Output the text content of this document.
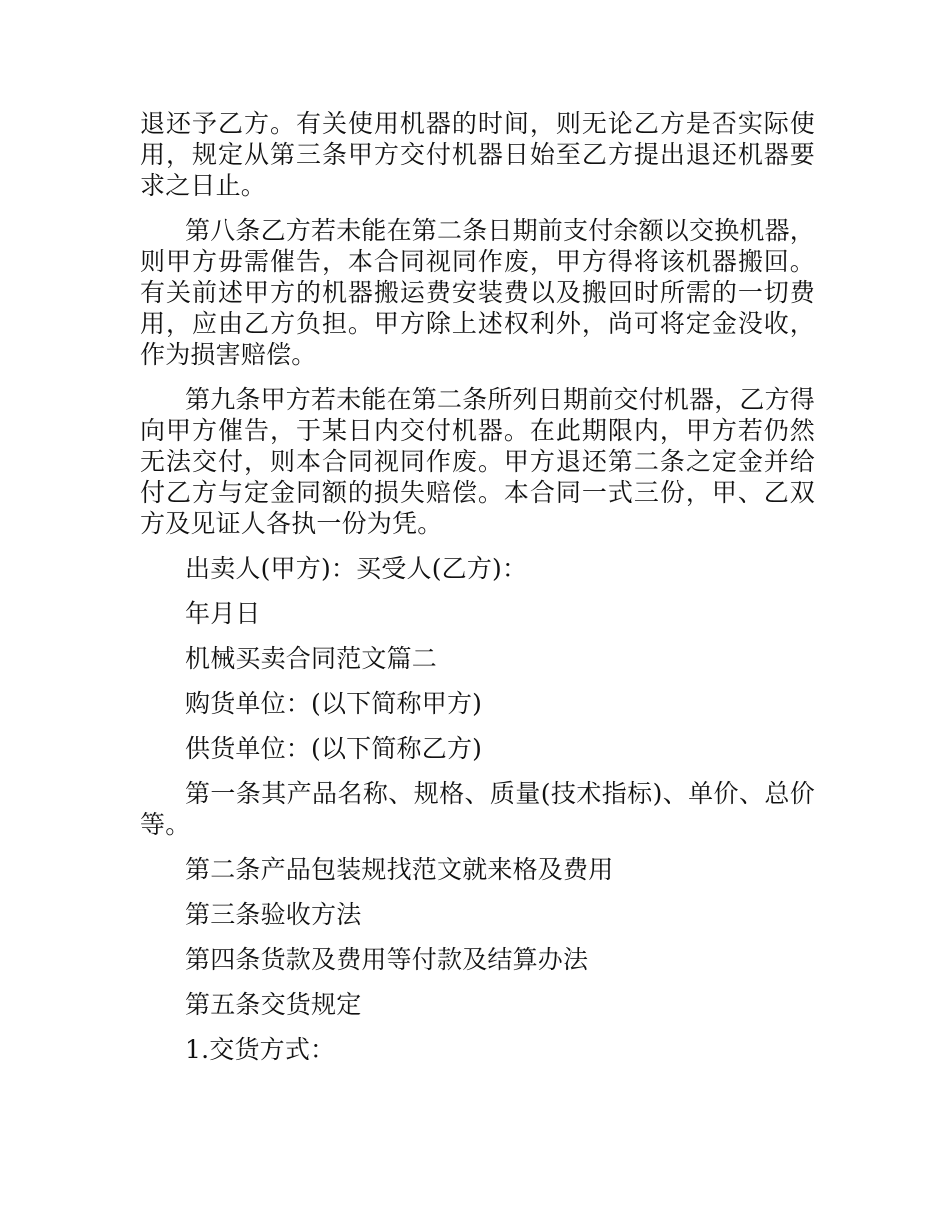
退还予乙方。有关使用机器的时间，则无论乙方是否实际使用，规定从第三条甲方交付机器日始至乙方提出退还机器要求之日止。

第八条乙方若未能在第二条日期前支付余额以交换机器，则甲方毋需催告，本合同视同作废，甲方得将该机器搬回。有关前述甲方的机器搬运费安装费以及搬回时所需的一切费用，应由乙方负担。甲方除上述权利外，尚可将定金没收，作为损害赔偿。

第九条甲方若未能在第二条所列日期前交付机器，乙方得向甲方催告，于某日内交付机器。在此期限内，甲方若仍然无法交付，则本合同视同作废。甲方退还第二条之定金并给付乙方与定金同额的损失赔偿。本合同一式三份，甲、乙双方及见证人各执一份为凭。

出卖人(甲方)：买受人(乙方)：

年月日

机械买卖合同范文篇二

购货单位：(以下简称甲方)

供货单位：(以下简称乙方)

第一条其产品名称、规格、质量(技术指标)、单价、总价等。

第二条产品包装规找范文就来格及费用

第三条验收方法

第四条货款及费用等付款及结算办法

第五条交货规定

1.交货方式：
